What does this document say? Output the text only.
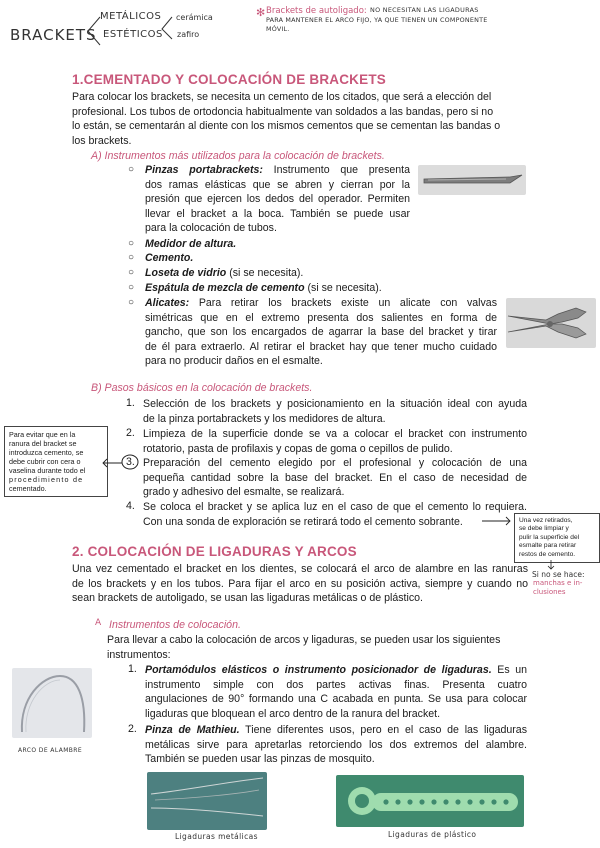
BRACKETS
METÁLICOS
ESTÉTICOS
cerámica
zafiro
✻ Brackets de autoligado: NO NECESITAN LAS LIGADURAS
PARA MANTENER EL ARCO FIJO, YA QUE TIENEN UN COMPONENTE
MÓVIL.
1.CEMENTADO Y COLOCACIÓN DE BRACKETS
Para colocar los brackets, se necesita un cemento de los citados, que será a elección del
profesional. Los tubos de ortodoncia habitualmente van soldados a las bandas, pero si no
lo están, se cementarán al diente con los mismos cementos que se cementan las bandas o
los brackets.
A) Instrumentos más utilizados para la colocación de brackets.
○ Pinzas portabrackets: Instrumento que presenta
dos ramas elásticas que se abren y cierran por la
presión que ejercen los dedos del operador. Permiten
llevar el bracket a la boca. También se puede usar
para la colocación de tubos.
○ Medidor de altura.
○ Cemento.
○ Loseta de vidrio (si se necesita).
○ Espátula de mezcla de cemento (si se necesita).
○ Alicates: Para retirar los brackets existe un alicate con valvas
simétricas que en el extremo presenta dos salientes en forma de
gancho, que son los encargados de agarrar la base del bracket y tirar
de él para extraerlo. Al retirar el bracket hay que tener mucho cuidado
para no producir daños en el esmalte.
B) Pasos básicos en la colocación de brackets.
1. Selección de los brackets y posicionamiento en la situación ideal con ayuda
de la pinza portabrackets y los medidores de altura.
2. Limpieza de la superficie donde se va a colocar el bracket con instrumento
rotatorio, pasta de profilaxis y copas de goma o cepillos de pulido.
3. Preparación del cemento elegido por el profesional y colocación de una
pequeña cantidad sobre la base del bracket. En el caso de necesidad de
grado y adhesivo del esmalte, se realizará.
4. Se coloca el bracket y se aplica luz en el caso de que el cemento lo requiera.
Con una sonda de exploración se retirará todo el cemento sobrante.
Para evitar que en la
ranura del bracket se
introduzca cemento, se
debe cubrir con cera o
vaselina durante todo el
procedimiento de
cementado.
Una vez retirados,
se debe limpiar y
pulir la superficie del
esmalte para retirar
restos de cemento.
Si no se hace:
manchas e in-
clusiones
2. COLOCACIÓN DE LIGADURAS Y ARCOS
Una vez cementado el bracket en los dientes, se colocará el arco de alambre en las ranuras
de los brackets y en los tubos. Para fijar el arco en su posición activa, siempre y cuando no
sean brackets de autoligado, se usan las ligaduras metálicas o de plástico.
A Instrumentos de colocación.
Para llevar a cabo la colocación de arcos y ligaduras, se pueden usar los siguientes
instrumentos:
1. Portamódulos elásticos o instrumento posicionador de ligaduras. Es un
instrumento simple con dos partes activas finas. Presenta cuatro
angulaciones de 90° formando una C acabada en punta. Se usa para colocar
ligaduras que bloquean el arco dentro de la ranura del bracket.
2. Pinza de Mathieu. Tiene diferentes usos, pero en el caso de las ligaduras
metálicas sirve para apretarlas retorciendo los dos extremos del alambre.
También se pueden usar las pinzas de mosquito.
ARCO DE ALAMBRE
Ligaduras metálicas	Ligaduras de plástico
